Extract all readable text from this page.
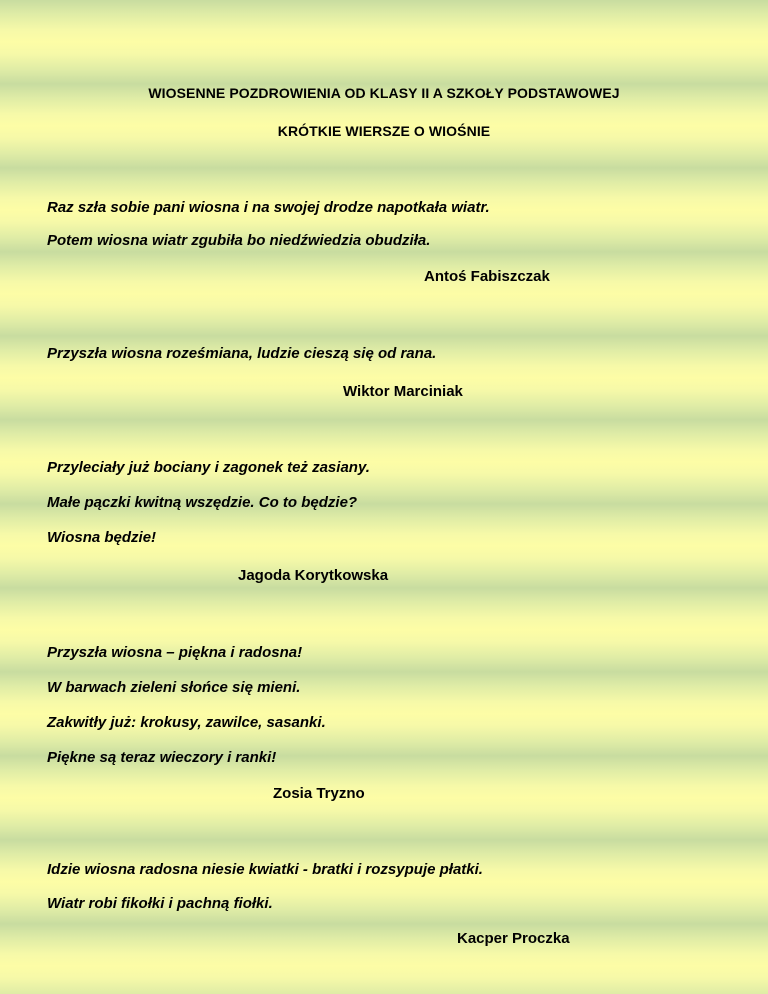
WIOSENNE POZDROWIENIA OD KLASY II A SZKOŁY PODSTAWOWEJ
KRÓTKIE WIERSZE O WIOŚNIE
Raz szła sobie pani wiosna i na swojej drodze napotkała wiatr.
Potem wiosna wiatr zgubiła bo niedźwiedzia obudziła.
Antoś Fabiszczak
Przyszła wiosna roześmiana, ludzie cieszą się od rana.
Wiktor Marciniak
Przyleciały już bociany i zagonek też zasiany.
Małe pączki kwitną wszędzie. Co to będzie?
Wiosna będzie!
Jagoda Korytkowska
Przyszła wiosna – piękna i radosna!
W barwach zieleni słońce się mieni.
Zakwitły już: krokusy, zawilce, sasanki.
Piękne są teraz wieczory i ranki!
Zosia Tryzno
Idzie wiosna radosna niesie kwiatki - bratki i rozsypuje płatki.
Wiatr robi fikołki i pachną fiołki.
Kacper Proczka
